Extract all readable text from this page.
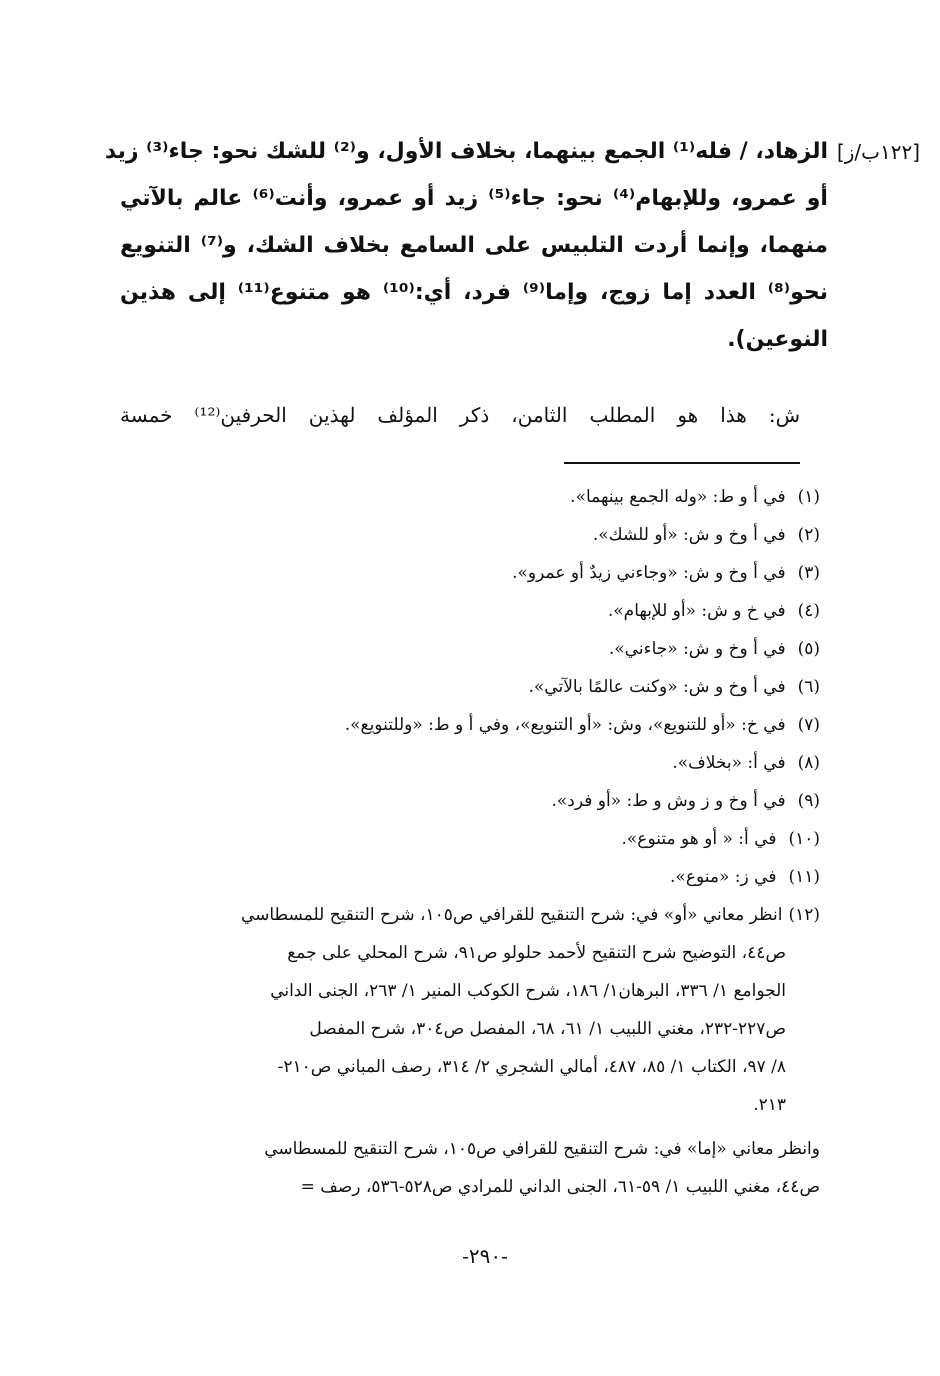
[١٢٢ب/ز]
الزهاد، / فله⁽¹⁾ الجمع بينهما، بخلاف الأول، و⁽²⁾ للشك نحو: جاء⁽³⁾ زيد
أو عمرو، وللإبهام⁽⁴⁾ نحو: جاء⁽⁵⁾ زيد أو عمرو، وأنت⁽⁶⁾ عالم بالآتي
منهما، وإنما أردت التلبيس على السامع بخلاف الشك، و⁽⁷⁾ التنويع
نحو⁽⁸⁾ العدد إما زوج، وإما⁽⁹⁾ فرد، أي:⁽¹⁰⁾ هو متنوع⁽¹¹⁾ إلى هذين
النوعين).
ش: هذا هو المطلب الثامن، ذكر المؤلف لهذين الحرفين⁽¹²⁾ خمسة
(١)في أ و ط: «وله الجمع بينهما».
(٢)في أ وخ و ش: «أو للشك».
(٣)في أ وخ و ش: «وجاءني زيدٌ أو عمرو».
(٤)في خ و ش: «أو للإبهام».
(٥)في أ وخ و ش: «جاءني».
(٦)في أ وخ و ش: «وكنت عالمًا بالآتي».
(٧)في خ: «أو للتنويع»، وش: «أو التنويع»، وفي أ و ط: «وللتنويع».
(٨)في أ: «بخلاف».
(٩)في أ وخ و ز وش و ط: «أو فرد».
(١٠)في أ: « أو هو متنوع».
(١١)في ز: «منوع».
(١٢)انظر معاني «أو» في: شرح التنقيح للقرافي ص١٠٥، شرح التنقيح للمسطاسي
ص٤٤، التوضيح شرح التنقيح لأحمد حلولو ص٩١، شرح المحلي على جمع
الجوامع ١/ ٣٣٦، البرهان١/ ١٨٦، شرح الكوكب المنير ١/ ٢٦٣، الجنى الداني
ص٢٢٧-٢٣٢، مغني اللبيب ١/ ٦١، ٦٨، المفصل ص٣٠٤، شرح المفصل
٨/ ٩٧، الكتاب ١/ ٨٥، ٤٨٧، أمالي الشجري ٢/ ٣١٤، رصف المباني ص٢١٠-
٢١٣.
وانظر معاني «إما» في: شرح التنقيح للقرافي ص١٠٥، شرح التنقيح للمسطاسي
ص٤٤، مغني اللبيب ١/ ٥٩-٦١، الجنى الداني للمرادي ص٥٢٨-٥٣٦، رصف =
-٢٩٠-
